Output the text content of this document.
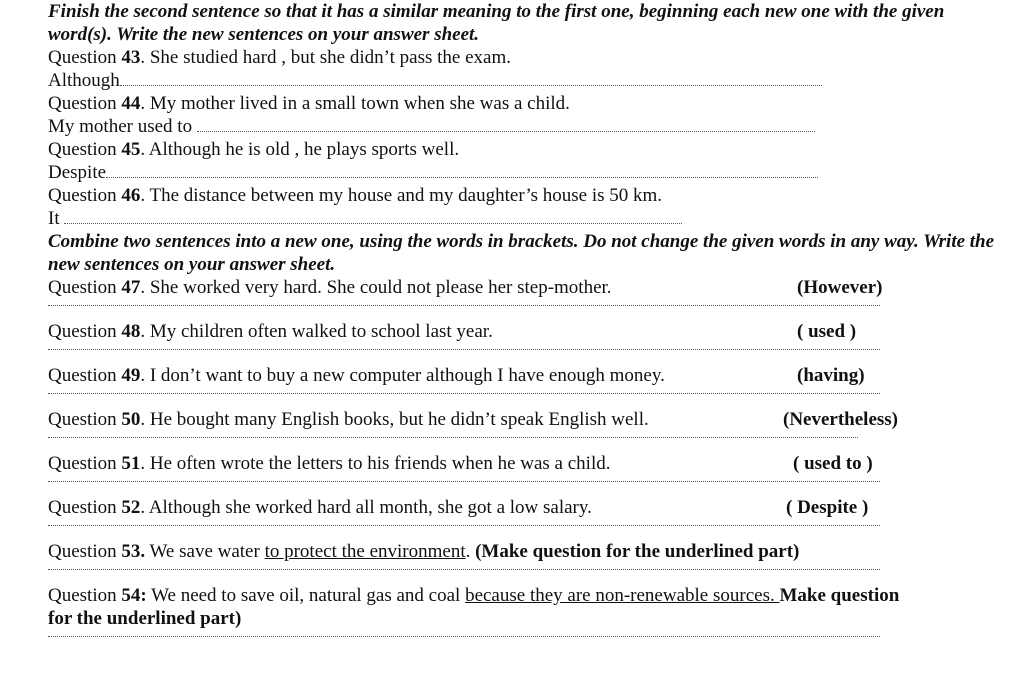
Finish the second sentence so that it has a similar meaning to the first one, beginning each new one with the given word(s). Write the new sentences on your answer sheet.

Question 43. She studied hard , but she didn’t pass the exam.

Although

Question 44. My mother lived in a small town when she was a child.

My mother used to

Question 45. Although he is old , he plays sports well.

Despite

Question 46. The distance between my house and my daughter’s house is 50 km.

It

Combine two sentences into a new one, using the words in brackets. Do not change the given words in any way. Write the new sentences on your answer sheet.

Question 47. She worked very hard. She could not please her step-mother.	(However)
Question 48. My children often walked to school last year.	( used )
Question 49. I don’t want to buy a new computer although I have enough money.	(having)
Question 50. He bought many English books, but he didn’t speak English well.	(Nevertheless)
Question 51. He often wrote the letters to his friends when he was a child.	( used to )
Question 52. Although she worked hard all month, she got a low salary.	( Despite )
Question 53. We save water to protect the environment. (Make question for the underlined part)
Question 54: We need to save oil, natural gas and coal because they are non-renewable sources. Make question

for the underlined part)
